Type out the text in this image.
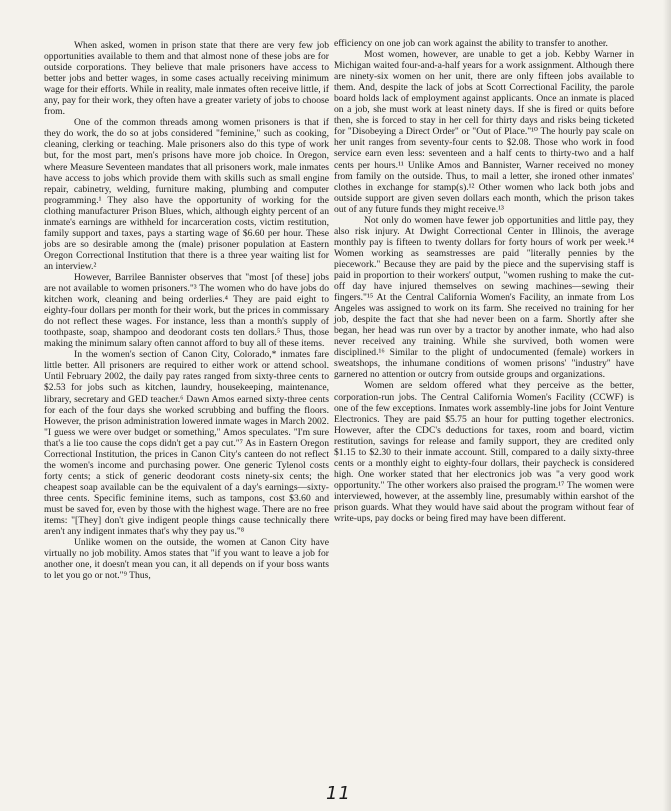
When asked, women in prison state that there are very few job opportunities available to them and that almost none of these jobs are for outside corporations. They believe that male prisoners have access to better jobs and better wages, in some cases actually receiving minimum wage for their efforts. While in reality, male inmates often receive little, if any, pay for their work, they often have a greater variety of jobs to choose from.

One of the common threads among women prisoners is that if they do work, the do so at jobs considered "feminine," such as cooking, cleaning, clerking or teaching. Male prisoners also do this type of work but, for the most part, men's prisons have more job choice. In Oregon, where Measure Seventeen mandates that all prisoners work, male inmates have access to jobs which provide them with skills such as small engine repair, cabinetry, welding, furniture making, plumbing and computer programming.¹ They also have the opportunity of working for the clothing manufacturer Prison Blues, which, although eighty percent of an inmate's earnings are withheld for incarceration costs, victim restitution, family support and taxes, pays a starting wage of $6.60 per hour. These jobs are so desirable among the (male) prisoner population at Eastern Oregon Correctional Institution that there is a three year waiting list for an interview.²

However, Barrilee Bannister observes that "most [of these] jobs are not available to women prisoners."³ The women who do have jobs do kitchen work, cleaning and being orderlies.⁴ They are paid eight to eighty-four dollars per month for their work, but the prices in commissary do not reflect these wages. For instance, less than a month's supply of toothpaste, soap, shampoo and deodorant costs ten dollars.⁵ Thus, those making the minimum salary often cannot afford to buy all of these items.

In the women's section of Canon City, Colorado,* inmates fare little better. All prisoners are required to either work or attend school. Until February 2002, the daily pay rates ranged from sixty-three cents to $2.53 for jobs such as kitchen, laundry, housekeeping, maintenance, library, secretary and GED teacher.⁶ Dawn Amos earned sixty-three cents for each of the four days she worked scrubbing and buffing the floors. However, the prison administration lowered inmate wages in March 2002. "I guess we were over budget or something," Amos speculates. "I'm sure that's a lie too cause the cops didn't get a pay cut."⁷ As in Eastern Oregon Correctional Institution, the prices in Canon City's canteen do not reflect the women's income and purchasing power. One generic Tylenol costs forty cents; a stick of generic deodorant costs ninety-six cents; the cheapest soap available can be the equivalent of a day's earnings—sixty-three cents. Specific feminine items, such as tampons, cost $3.60 and must be saved for, even by those with the highest wage. There are no free items: "[They] don't give indigent people things cause technically there aren't any indigent inmates that's why they pay us."⁸

Unlike women on the outside, the women at Canon City have virtually no job mobility. Amos states that "if you want to leave a job for another one, it doesn't mean you can, it all depends on if your boss wants to let you go or not."⁹ Thus,

efficiency on one job can work against the ability to transfer to another.

Most women, however, are unable to get a job. Kebby Warner in Michigan waited four-and-a-half years for a work assignment. Although there are ninety-six women on her unit, there are only fifteen jobs available to them. And, despite the lack of jobs at Scott Correctional Facility, the parole board holds lack of employment against applicants. Once an inmate is placed on a job, she must work at least ninety days. If she is fired or quits before then, she is forced to stay in her cell for thirty days and risks being ticketed for "Disobeying a Direct Order" or "Out of Place."¹⁰ The hourly pay scale on her unit ranges from seventy-four cents to $2.08. Those who work in food service earn even less: seventeen and a half cents to thirty-two and a half cents per hours.¹¹ Unlike Amos and Bannister, Warner received no money from family on the outside. Thus, to mail a letter, she ironed other inmates' clothes in exchange for stamp(s).¹² Other women who lack both jobs and outside support are given seven dollars each month, which the prison takes out of any future funds they might receive.¹³

Not only do women have fewer job opportunities and little pay, they also risk injury. At Dwight Correctional Center in Illinois, the average monthly pay is fifteen to twenty dollars for forty hours of work per week.¹⁴ Women working as seamstresses are paid "literally pennies by the piecework." Because they are paid by the piece and the supervising staff is paid in proportion to their workers' output, "women rushing to make the cut-off day have injured themselves on sewing machines—sewing their fingers."¹⁵ At the Central California Women's Facility, an inmate from Los Angeles was assigned to work on its farm. She received no training for her job, despite the fact that she had never been on a farm. Shortly after she began, her head was run over by a tractor by another inmate, who had also never received any training. While she survived, both women were disciplined.¹⁶ Similar to the plight of undocumented (female) workers in sweatshops, the inhumane conditions of women prisons' "industry" have garnered no attention or outcry from outside groups and organizations.

Women are seldom offered what they perceive as the better, corporation-run jobs. The Central California Women's Facility (CCWF) is one of the few exceptions. Inmates work assembly-line jobs for Joint Venture Electronics. They are paid $5.75 an hour for putting together electronics. However, after the CDC's deductions for taxes, room and board, victim restitution, savings for release and family support, they are credited only $1.15 to $2.30 to their inmate account. Still, compared to a daily sixty-three cents or a monthly eight to eighty-four dollars, their paycheck is considered high. One worker stated that her electronics job was "a very good work opportunity." The other workers also praised the program.¹⁷ The women were interviewed, however, at the assembly line, presumably within earshot of the prison guards. What they would have said about the program without fear of write-ups, pay docks or being fired may have been different.

11
